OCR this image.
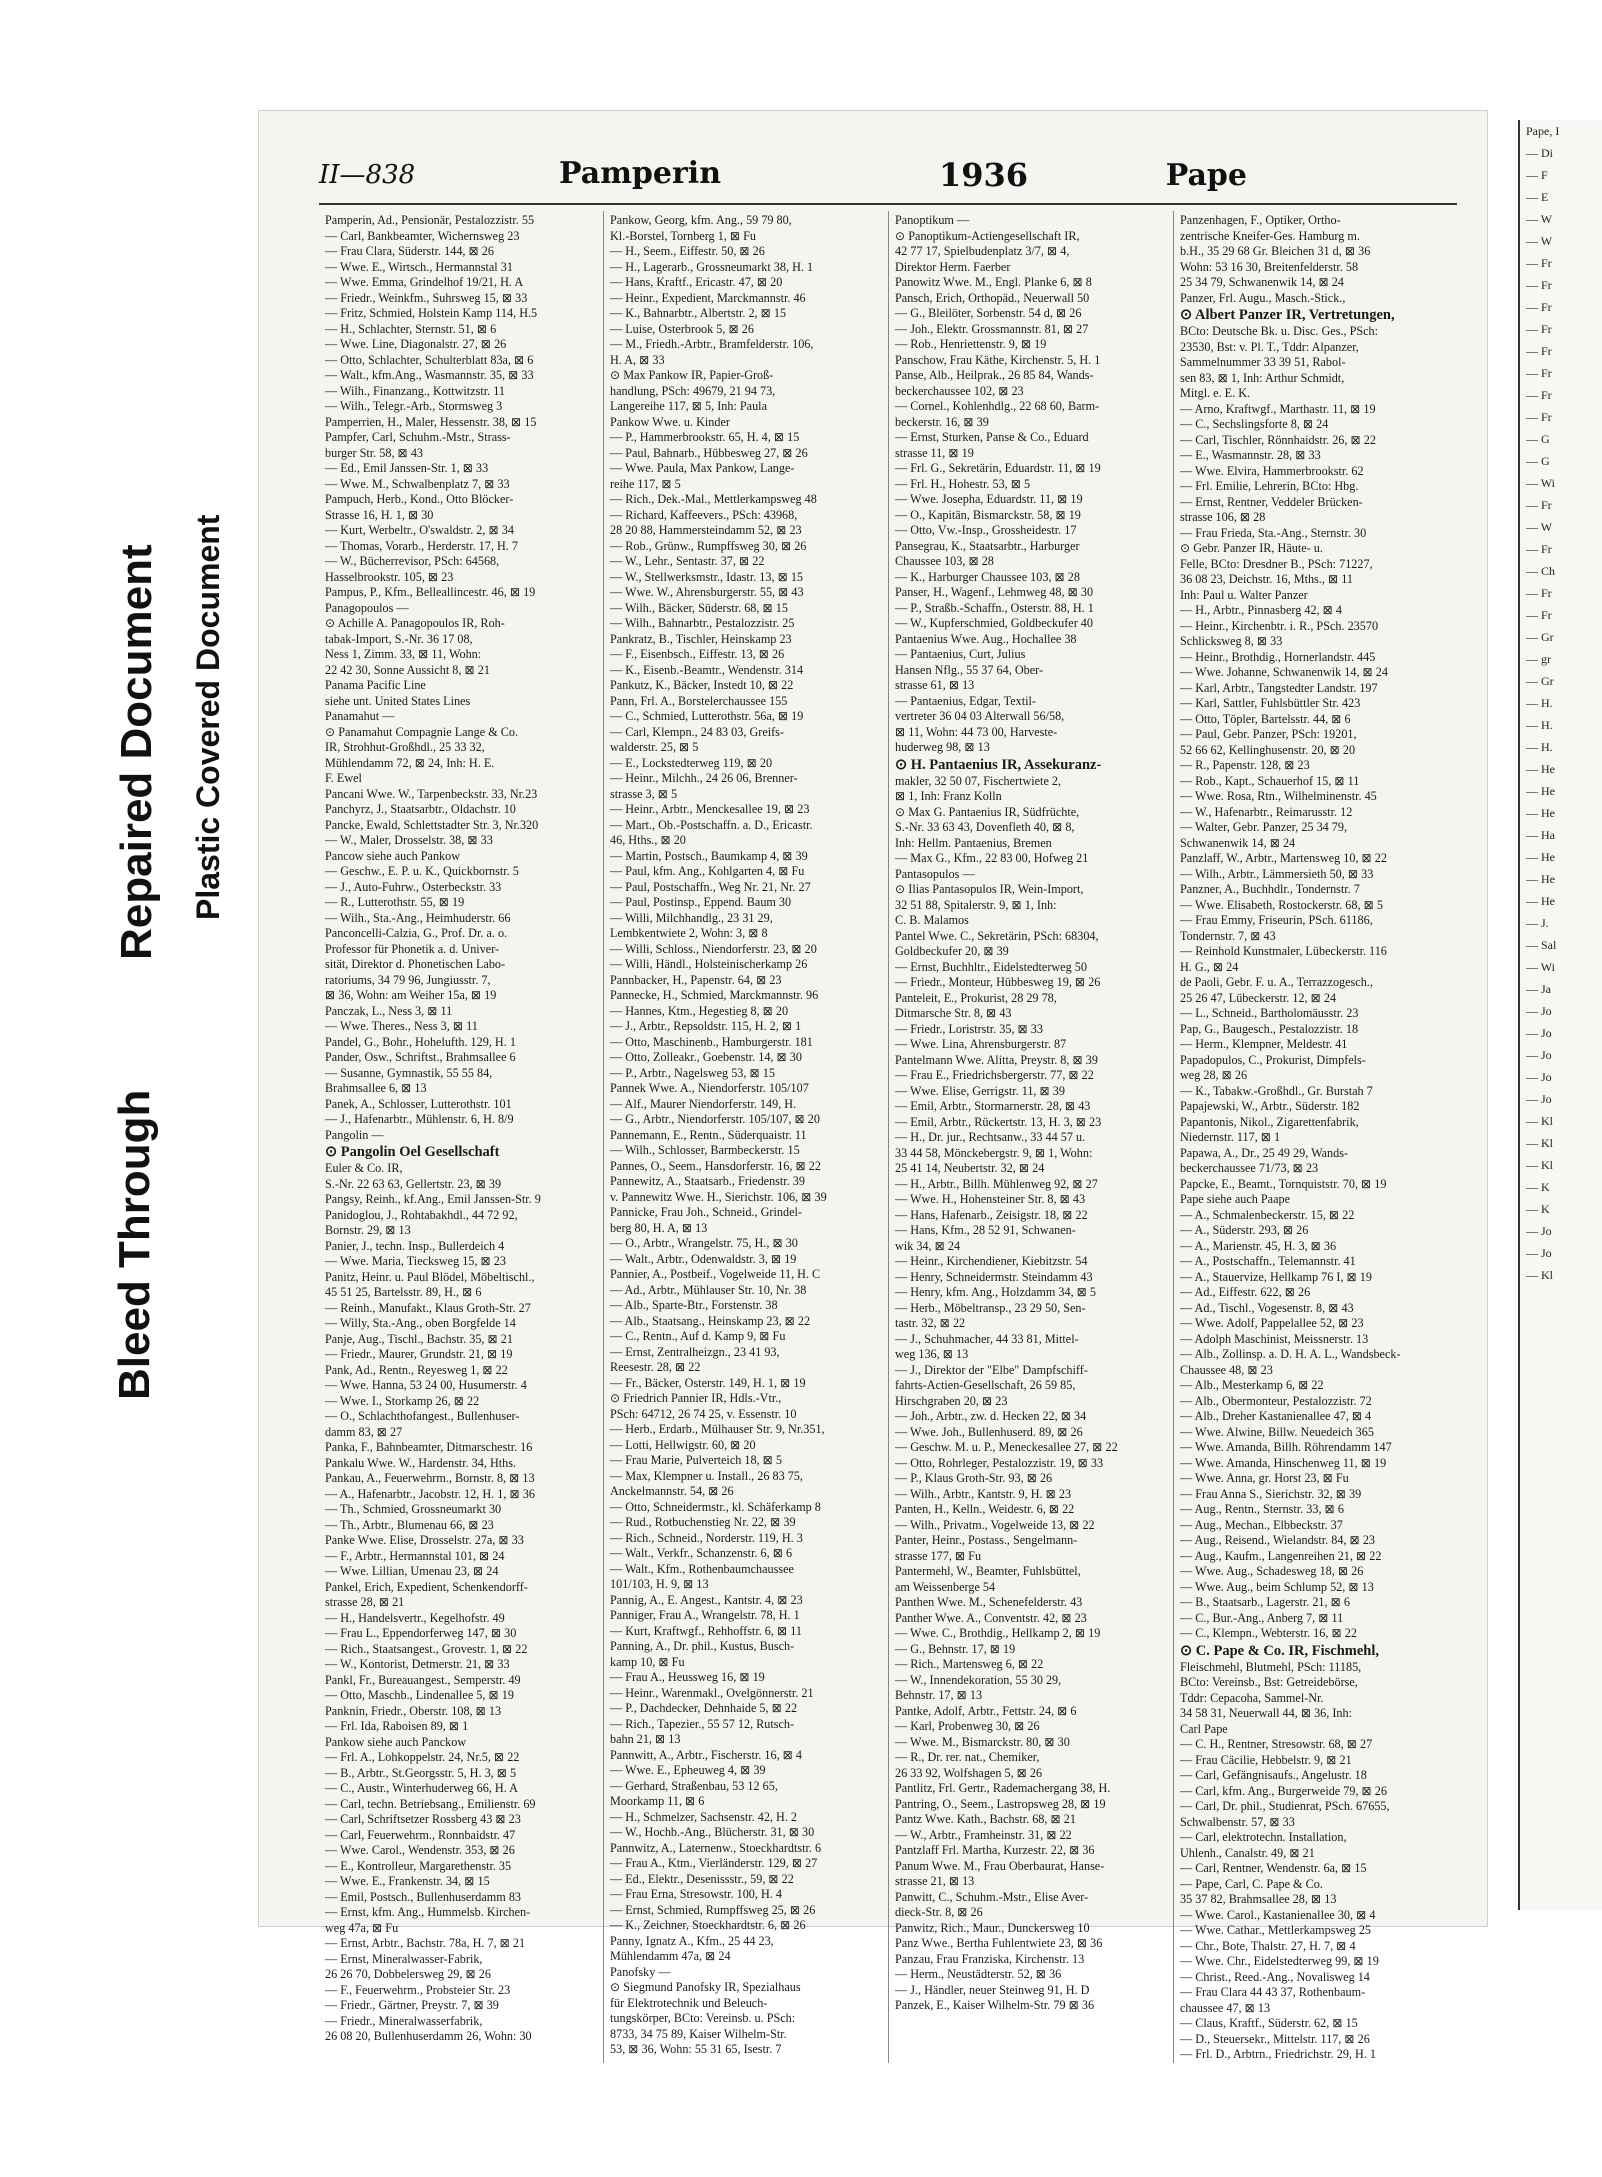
Bleed Through
Repaired Document Plastic Covered Document
II—838	Pamperin	1936	Pape
Pamperin, Ad., Pensionär, Pestalozzistr. 55
— Carl, Bankbeamter, Wichernsweg 23
— Frau Clara, Süderstr. 144, ⊠ 26
— Wwe. E., Wirtsch., Hermannstal 31
— Wwe. Emma, Grindelhof 19/21, H. A
— Friedr., Weinkfm., Suhrsweg 15, ⊠ 33
— Fritz, Schmied, Holstein Kamp 114, H.5
— H., Schlachter, Sternstr. 51, ⊠ 6
— Wwe. Line, Diagonalstr. 27, ⊠ 26
— Otto, Schlachter, Schulterblatt 83a, ⊠ 6
— Walt., kfm.Ang., Wasmannstr. 35, ⊠ 33
— Wilh., Finanzang., Kottwitzstr. 11
— Wilh., Telegr.-Arb., Stormsweg 3
Pamperrien, H., Maler, Hessenstr. 38, ⊠ 15
Pampfer, Carl, Schuhm.-Mstr., Strass-
burger Str. 58, ⊠ 43
— Ed., Emil Janssen-Str. 1, ⊠ 33
— Wwe. M., Schwalbenplatz 7, ⊠ 33
Pampuch, Herb., Kond., Otto Blöcker-
Strasse 16, H. 1, ⊠ 30
— Kurt, Werbeltr., O'swaldstr. 2, ⊠ 34
— Thomas, Vorarb., Herderstr. 17, H. 7
— W., Bücherrevisor, PSch: 64568,
Hasselbrookstr. 105, ⊠ 23
Pampus, P., Kfm., Belleallincestr. 46, ⊠ 19
Panagopoulos —
⊙ Achille A. Panagopoulos IR, Roh-
tabak-Import, S.-Nr. 36 17 08,
Ness 1, Zimm. 33, ⊠ 11, Wohn:
22 42 30, Sonne Aussicht 8, ⊠ 21
Panama Pacific Line
siehe unt. United States Lines
Panamahut —
⊙ Panamahut Compagnie Lange & Co.
IR, Strohhut-Großhdl., 25 33 32,
Mühlendamm 72, ⊠ 24, Inh: H. E.
F. Ewel
Pancani Wwe. W., Tarpenbeckstr. 33, Nr.23
Panchyrz, J., Staatsarbtr., Oldachstr. 10
Pancke, Ewald, Schlettstadter Str. 3, Nr.320
— W., Maler, Drosselstr. 38, ⊠ 33
Pancow siehe auch Pankow
— Geschw., E. P. u. K., Quickbornstr. 5
— J., Auto-Fuhrw., Osterbeckstr. 33
— R., Lutterothstr. 55, ⊠ 19
— Wilh., Sta.-Ang., Heimhuderstr. 66
Panconcelli-Calzia, G., Prof. Dr. a. o.
Professor für Phonetik a. d. Univer-
sität, Direktor d. Phonetischen Labo-
ratoriums, 34 79 96, Jungiusstr. 7,
⊠ 36, Wohn: am Weiher 15a, ⊠ 19
Panczak, L., Ness 3, ⊠ 11
— Wwe. Theres., Ness 3, ⊠ 11
Pandel, G., Bohr., Hohelufth. 129, H. 1
Pander, Osw., Schriftst., Brahmsallee 6
— Susanne, Gymnastik, 55 55 84,
Brahmsallee 6, ⊠ 13
Panek, A., Schlosser, Lutterothstr. 101
— J., Hafenarbtr., Mühlenstr. 6, H. 8/9
Pangolin —
⊙ Pangolin Oel Gesellschaft
Euler & Co. IR,
S.-Nr. 22 63 63, Gellertstr. 23, ⊠ 39
Pangsy, Reinh., kf.Ang., Emil Janssen-Str. 9
Panidoglou, J., Rohtabakhdl., 44 72 92,
Bornstr. 29, ⊠ 13
Panier, J., techn. Insp., Bullerdeich 4
— Wwe. Maria, Tiecksweg 15, ⊠ 23
Panitz, Heinr. u. Paul Blödel, Möbeltischl.,
45 51 25, Bartelsstr. 89, H., ⊠ 6
— Reinh., Manufakt., Klaus Groth-Str. 27
— Willy, Sta.-Ang., oben Borgfelde 14
Panje, Aug., Tischl., Bachstr. 35, ⊠ 21
— Friedr., Maurer, Grundstr. 21, ⊠ 19
Pank, Ad., Rentn., Reyesweg 1, ⊠ 22
— Wwe. Hanna, 53 24 00, Husumerstr. 4
— Wwe. I., Storkamp 26, ⊠ 22
— O., Schlachthofangest., Bullenhuser-
damm 83, ⊠ 27
Panka, F., Bahnbeamter, Ditmarschestr. 16
Pankalu Wwe. W., Hardenstr. 34, Hths.
Pankau, A., Feuerwehrm., Bornstr. 8, ⊠ 13
— A., Hafenarbtr., Jacobstr. 12, H. 1, ⊠ 36
— Th., Schmied, Grossneumarkt 30
— Th., Arbtr., Blumenau 66, ⊠ 23
Panke Wwe. Elise, Drosselstr. 27a, ⊠ 33
— F., Arbtr., Hermannstal 101, ⊠ 24
— Wwe. Lillian, Umenau 23, ⊠ 24
Pankel, Erich, Expedient, Schenkendorff-
strasse 28, ⊠ 21
— H., Handelsvertr., Kegelhofstr. 49
— Frau L., Eppendorferweg 147, ⊠ 30
— Rich., Staatsangest., Grovestr. 1, ⊠ 22
— W., Kontorist, Detmerstr. 21, ⊠ 33
Pankl, Fr., Bureauangest., Semperstr. 49
— Otto, Maschb., Lindenallee 5, ⊠ 19
Panknin, Friedr., Oberstr. 108, ⊠ 13
— Frl. Ida, Raboisen 89, ⊠ 1
Pankow siehe auch Panckow
— Frl. A., Lohkoppelstr. 24, Nr.5, ⊠ 22
— B., Arbtr., St.Georgsstr. 5, H. 3, ⊠ 5
— C., Austr., Winterhuderweg 66, H. A
— Carl, techn. Betriebsang., Emilienstr. 69
— Carl, Schriftsetzer Rossberg 43 ⊠ 23
— Carl, Feuerwehrm., Ronnbaidstr. 47
— Wwe. Carol., Wendenstr. 353, ⊠ 26
— E., Kontrolleur, Margarethenstr. 35
— Wwe. E., Frankenstr. 34, ⊠ 15
— Emil, Postsch., Bullenhuserdamm 83
— Ernst, kfm. Ang., Hummelsb. Kirchen-
weg 47a, ⊠ Fu
— Ernst, Arbtr., Bachstr. 78a, H. 7, ⊠ 21
— Ernst, Mineralwasser-Fabrik,
26 26 70, Dobbelersweg 29, ⊠ 26
— F., Feuerwehrm., Probsteier Str. 23
— Friedr., Gärtner, Preystr. 7, ⊠ 39
— Friedr., Mineralwasserfabrik,
26 08 20, Bullenhuserdamm 26, Wohn: 30
Pankow, Georg, kfm. Ang., 59 79 80,
Kl.-Borstel, Tornberg 1, ⊠ Fu
— H., Seem., Eiffestr. 50, ⊠ 26
— H., Lagerarb., Grossneumarkt 38, H. 1
— Hans, Kraftf., Ericastr. 47, ⊠ 20
— Heinr., Expedient, Marckmannstr. 46
— K., Bahnarbtr., Albertstr. 2, ⊠ 15
— Luise, Osterbrook 5, ⊠ 26
— M., Friedh.-Arbtr., Bramfelderstr. 106,
H. A, ⊠ 33
⊙ Max Pankow IR, Papier-Groß-
handlung, PSch: 49679, 21 94 73,
Langereihe 117, ⊠ 5, Inh: Paula
Pankow Wwe. u. Kinder
— P., Hammerbrookstr. 65, H. 4, ⊠ 15
— Paul, Bahnarb., Hübbesweg 27, ⊠ 26
— Wwe. Paula, Max Pankow, Lange-
reihe 117, ⊠ 5
— Rich., Dek.-Mal., Mettlerkampsweg 48
— Richard, Kaffeevers., PSch: 43968,
28 20 88, Hammersteindamm 52, ⊠ 23
— Rob., Grünw., Rumpffsweg 30, ⊠ 26
— W., Lehr., Sentastr. 37, ⊠ 22
— W., Stellwerksmstr., Idastr. 13, ⊠ 15
— Wwe. W., Ahrensburgerstr. 55, ⊠ 43
— Wilh., Bäcker, Süderstr. 68, ⊠ 15
— Wilh., Bahnarbtr., Pestalozzistr. 25
Pankratz, B., Tischler, Heinskamp 23
— F., Eisenbsch., Eiffestr. 13, ⊠ 26
— K., Eisenb.-Beamtr., Wendenstr. 314
Pankutz, K., Bäcker, Instedt 10, ⊠ 22
Pann, Frl. A., Borstelerchaussee 155
— C., Schmied, Lutterothstr. 56a, ⊠ 19
— Carl, Klempn., 24 83 03, Greifs-
walderstr. 25, ⊠ 5
— E., Lockstedterweg 119, ⊠ 20
— Heinr., Milchh., 24 26 06, Brenner-
strasse 3, ⊠ 5
— Heinr., Arbtr., Menckesallee 19, ⊠ 23
— Mart., Ob.-Postschaffn. a. D., Ericastr.
46, Hths., ⊠ 20
— Martin, Postsch., Baumkamp 4, ⊠ 39
— Paul, kfm. Ang., Kohlgarten 4, ⊠ Fu
— Paul, Postschaffn., Weg Nr. 21, Nr. 27
— Paul, Postinsp., Eppend. Baum 30
— Willi, Milchhandlg., 23 31 29,
Lembkentwiete 2, Wohn: 3, ⊠ 8
— Willi, Schloss., Niendorferstr. 23, ⊠ 20
— Willi, Händl., Holsteinischerkamp 26
Pannbacker, H., Papenstr. 64, ⊠ 23
Pannecke, H., Schmied, Marckmannstr. 96
— Hannes, Ktm., Hegestieg 8, ⊠ 20
— J., Arbtr., Repsoldstr. 115, H. 2, ⊠ 1
— Otto, Maschinenb., Hamburgerstr. 181
— Otto, Zolleakr., Goebenstr. 14, ⊠ 30
— P., Arbtr., Nagelsweg 53, ⊠ 15
Pannek Wwe. A., Niendorferstr. 105/107
— Alf., Maurer Niendorferstr. 149, H.
— G., Arbtr., Niendorferstr. 105/107, ⊠ 20
Pannemann, E., Rentn., Süderquaistr. 11
— Wilh., Schlosser, Barmbeckerstr. 15
Pannes, O., Seem., Hansdorferstr. 16, ⊠ 22
Pannewitz, A., Staatsarb., Friedenstr. 39
v. Pannewitz Wwe. H., Sierichstr. 106, ⊠ 39
Pannicke, Frau Joh., Schneid., Grindel-
berg 80, H. A, ⊠ 13
— O., Arbtr., Wrangelstr. 75, H., ⊠ 30
— Walt., Arbtr., Odenwaldstr. 3, ⊠ 19
Pannier, A., Postbeif., Vogelweide 11, H. C
— Ad., Arbtr., Mühlauser Str. 10, Nr. 38
— Alb., Sparte-Btr., Forstenstr. 38
— Alb., Staatsang., Heinskamp 23, ⊠ 22
— C., Rentn., Auf d. Kamp 9, ⊠ Fu
— Ernst, Zentralheizgn., 23 41 93,
Reesestr. 28, ⊠ 22
— Fr., Bäcker, Osterstr. 149, H. 1, ⊠ 19
⊙ Friedrich Pannier IR, Hdls.-Vtr.,
PSch: 64712, 26 74 25, v. Essenstr. 10
— Herb., Erdarb., Mülhauser Str. 9, Nr.351,
— Lotti, Hellwigstr. 60, ⊠ 20
— Frau Marie, Pulverteich 18, ⊠ 5
— Max, Klempner u. Install., 26 83 75,
Anckelmannstr. 54, ⊠ 26
— Otto, Schneidermstr., kl. Schäferkamp 8
— Rud., Rotbuchenstieg Nr. 22, ⊠ 39
— Rich., Schneid., Norderstr. 119, H. 3
— Walt., Verkfr., Schanzenstr. 6, ⊠ 6
— Walt., Kfm., Rothenbaumchaussee
101/103, H. 9, ⊠ 13
Pannig, A., E. Angest., Kantstr. 4, ⊠ 23
Panniger, Frau A., Wrangelstr. 78, H. 1
— Kurt, Kraftwgf., Rehhoffstr. 6, ⊠ 11
Panning, A., Dr. phil., Kustus, Busch-
kamp 10, ⊠ Fu
— Frau A., Heussweg 16, ⊠ 19
— Heinr., Warenmakl., Ovelgönnerstr. 21
— P., Dachdecker, Dehnhaide 5, ⊠ 22
— Rich., Tapezier., 55 57 12, Rutsch-
bahn 21, ⊠ 13
Pannwitt, A., Arbtr., Fischerstr. 16, ⊠ 4
— Wwe. E., Epheuweg 4, ⊠ 39
— Gerhard, Straßenbau, 53 12 65,
Moorkamp 11, ⊠ 6
— H., Schmelzer, Sachsenstr. 42, H. 2
— W., Hochb.-Ang., Blücherstr. 31, ⊠ 30
Pannwitz, A., Laternenw., Stoeckhardtstr. 6
— Frau A., Ktm., Vierländerstr. 129, ⊠ 27
— Ed., Elektr., Desenissstr., 59, ⊠ 22
— Frau Erna, Stresowstr. 100, H. 4
— Ernst, Schmied, Rumpffsweg 25, ⊠ 26
— K., Zeichner, Stoeckhardtstr. 6, ⊠ 26
Panny, Ignatz A., Kfm., 25 44 23,
Mühlendamm 47a, ⊠ 24
Panofsky —
⊙ Siegmund Panofsky IR, Spezialhaus
für Elektrotechnik und Beleuch-
tungskörper, BCto: Vereinsb. u. PSch:
8733, 34 75 89, Kaiser Wilhelm-Str.
53, ⊠ 36, Wohn: 55 31 65, Isestr. 7
Panoptikum —
⊙ Panoptikum-Actiengesellschaft IR,
42 77 17, Spielbudenplatz 3/7, ⊠ 4,
Direktor Herm. Faerber
Panowitz Wwe. M., Engl. Planke 6, ⊠ 8
Pansch, Erich, Orthopäd., Neuerwall 50
— G., Bleilöter, Sorbenstr. 54 d, ⊠ 26
— Joh., Elektr. Grossmannstr. 81, ⊠ 27
— Rob., Henriettenstr. 9, ⊠ 19
Panschow, Frau Käthe, Kirchenstr. 5, H. 1
Panse, Alb., Heilprak., 26 85 84, Wands-
beckerchaussee 102, ⊠ 23
— Cornel., Kohlenhdlg., 22 68 60, Barm-
beckerstr. 16, ⊠ 39
— Ernst, Sturken, Panse & Co., Eduard
strasse 11, ⊠ 19
— Frl. G., Sekretärin, Eduardstr. 11, ⊠ 19
— Frl. H., Hohestr. 53, ⊠ 5
— Wwe. Josepha, Eduardstr. 11, ⊠ 19
— O., Kapitän, Bismarckstr. 58, ⊠ 19
— Otto, Vw.-Insp., Grossheidestr. 17
Pansegrau, K., Staatsarbtr., Harburger
Chaussee 103, ⊠ 28
— K., Harburger Chaussee 103, ⊠ 28
Panser, H., Wagenf., Lehmweg 48, ⊠ 30
— P., Straßb.-Schaffn., Osterstr. 88, H. 1
— W., Kupferschmied, Goldbeckufer 40
Pantaenius Wwe. Aug., Hochallee 38
— Pantaenius, Curt, Julius
Hansen Nflg., 55 37 64, Ober-
strasse 61, ⊠ 13
— Pantaenius, Edgar, Textil-
vertreter 36 04 03 Alterwall 56/58,
⊠ 11, Wohn: 44 73 00, Harveste-
huderweg 98, ⊠ 13
⊙ H. Pantaenius IR, Assekuranz-
makler, 32 50 07, Fischertwiete 2,
⊠ 1, Inh: Franz Kolln
⊙ Max G. Pantaenius IR, Südfrüchte,
S.-Nr. 33 63 43, Dovenfleth 40, ⊠ 8,
Inh: Hellm. Pantaenius, Bremen
— Max G., Kfm., 22 83 00, Hofweg 21
Pantasopulos —
⊙ Ilias Pantasopulos IR, Wein-Import,
32 51 88, Spitalerstr. 9, ⊠ 1, Inh:
C. B. Malamos
Pantel Wwe. C., Sekretärin, PSch: 68304,
Goldbeckufer 20, ⊠ 39
— Ernst, Buchhltr., Eidelstedterweg 50
— Friedr., Monteur, Hübbesweg 19, ⊠ 26
Panteleit, E., Prokurist, 28 29 78,
Ditmarsche Str. 8, ⊠ 43
— Friedr., Loristrstr. 35, ⊠ 33
— Wwe. Lina, Ahrensburgerstr. 87
Pantelmann Wwe. Alitta, Preystr. 8, ⊠ 39
— Frau E., Friedrichsbergerstr. 77, ⊠ 22
— Wwe. Elise, Gerrigstr. 11, ⊠ 39
— Emil, Arbtr., Stormarnerstr. 28, ⊠ 43
— Emil, Arbtr., Rückertstr. 13, H. 3, ⊠ 23
— H., Dr. jur., Rechtsanw., 33 44 57 u.
33 44 58, Mönckebergstr. 9, ⊠ 1, Wohn:
25 41 14, Neubertstr. 32, ⊠ 24
— H., Arbtr., Billh. Mühlenweg 92, ⊠ 27
— Wwe. H., Hohensteiner Str. 8, ⊠ 43
— Hans, Hafenarb., Zeisigstr. 18, ⊠ 22
— Hans, Kfm., 28 52 91, Schwanen-
wik 34, ⊠ 24
— Heinr., Kirchendiener, Kiebitzstr. 54
— Henry, Schneidermstr. Steindamm 43
— Henry, kfm. Ang., Holzdamm 34, ⊠ 5
— Herb., Möbeltransp., 23 29 50, Sen-
tastr. 32, ⊠ 22
— J., Schuhmacher, 44 33 81, Mittel-
weg 136, ⊠ 13
— J., Direktor der "Elbe" Dampfschiff-
fahrts-Actien-Gesellschaft, 26 59 85,
Hirschgraben 20, ⊠ 23
— Joh., Arbtr., zw. d. Hecken 22, ⊠ 34
— Wwe. Joh., Bullenhuserd. 89, ⊠ 26
— Geschw. M. u. P., Meneckesallee 27, ⊠ 22
— Otto, Rohrleger, Pestalozzistr. 19, ⊠ 33
— P., Klaus Groth-Str. 93, ⊠ 26
— Wilh., Arbtr., Kantstr. 9, H. ⊠ 23
Panten, H., Kelln., Weidestr. 6, ⊠ 22
— Wilh., Privatm., Vogelweide 13, ⊠ 22
Panter, Heinr., Postass., Sengelmann-
strasse 177, ⊠ Fu
Pantermehl, W., Beamter, Fuhlsbüttel,
am Weissenberge 54
Panthen Wwe. M., Schenefelderstr. 43
Panther Wwe. A., Conventstr. 42, ⊠ 23
— Wwe. C., Brothdig., Hellkamp 2, ⊠ 19
— G., Behnstr. 17, ⊠ 19
— Rich., Martensweg 6, ⊠ 22
— W., Innendekoration, 55 30 29,
Behnstr. 17, ⊠ 13
Pantke, Adolf, Arbtr., Fettstr. 24, ⊠ 6
— Karl, Probenweg 30, ⊠ 26
— Wwe. M., Bismarckstr. 80, ⊠ 30
— R., Dr. rer. nat., Chemiker,
26 33 92, Wolfshagen 5, ⊠ 26
Pantlitz, Frl. Gertr., Rademachergang 38, H.
Pantring, O., Seem., Lastropsweg 28, ⊠ 19
Pantz Wwe. Kath., Bachstr. 68, ⊠ 21
— W., Arbtr., Framheinstr. 31, ⊠ 22
Pantzlaff Frl. Martha, Kurzestr. 22, ⊠ 36
Panum Wwe. M., Frau Oberbaurat, Hanse-
strasse 21, ⊠ 13
Panwitt, C., Schuhm.-Mstr., Elise Aver-
dieck-Str. 8, ⊠ 26
Panwitz, Rich., Maur., Dunckersweg 10
Panz Wwe., Bertha Fuhlentwiete 23, ⊠ 36
Panzau, Frau Franziska, Kirchenstr. 13
— Herm., Neustädterstr. 52, ⊠ 36
— J., Händler, neuer Steinweg 91, H. D
Panzek, E., Kaiser Wilhelm-Str. 79 ⊠ 36
Panzenhagen, F., Optiker, Ortho-
zentrische Kneifer-Ges. Hamburg m.
b.H., 35 29 68 Gr. Bleichen 31 d, ⊠ 36
Wohn: 53 16 30, Breitenfelderstr. 58
25 34 79, Schwanenwik 14, ⊠ 24
Panzer, Frl. Augu., Masch.-Stick.,
⊙ Albert Panzer IR, Vertretungen,
BCto: Deutsche Bk. u. Disc. Ges., PSch:
23530, Bst: v. Pl. T., Tddr: Alpanzer,
Sammelnummer 33 39 51, Rabol-
sen 83, ⊠ 1, Inh: Arthur Schmidt,
Mitgl. e. E. K.
— Arno, Kraftwgf., Marthastr. 11, ⊠ 19
— C., Sechslingsforte 8, ⊠ 24
— Carl, Tischler, Rönnhaidstr. 26, ⊠ 22
— E., Wasmannstr. 28, ⊠ 33
— Wwe. Elvira, Hammerbrookstr. 62
— Frl. Emilie, Lehrerin, BCto: Hbg.
— Ernst, Rentner, Veddeler Brücken-
strasse 106, ⊠ 28
— Frau Frieda, Sta.-Ang., Sternstr. 30
⊙ Gebr. Panzer IR, Häute- u.
Felle, BCto: Dresdner B., PSch: 71227,
36 08 23, Deichstr. 16, Mths., ⊠ 11
Inh: Paul u. Walter Panzer
— H., Arbtr., Pinnasberg 42, ⊠ 4
— Heinr., Kirchenbtr. i. R., PSch. 23570
Schlicksweg 8, ⊠ 33
— Heinr., Brothdig., Hornerlandstr. 445
— Wwe. Johanne, Schwanenwik 14, ⊠ 24
— Karl, Arbtr., Tangstedter Landstr. 197
— Karl, Sattler, Fuhlsbüttler Str. 423
— Otto, Töpler, Bartelsstr. 44, ⊠ 6
— Paul, Gebr. Panzer, PSch: 19201,
52 66 62, Kellinghusenstr. 20, ⊠ 20
— R., Papenstr. 128, ⊠ 23
— Rob., Kapt., Schauerhof 15, ⊠ 11
— Wwe. Rosa, Rtn., Wilhelminenstr. 45
— W., Hafenarbtr., Reimarusstr. 12
— Walter, Gebr. Panzer, 25 34 79,
Schwanenwik 14, ⊠ 24
Panzlaff, W., Arbtr., Martensweg 10, ⊠ 22
— Wilh., Arbtr., Lämmersieth 50, ⊠ 33
Panzner, A., Buchhdlr., Tondernstr. 7
— Wwe. Elisabeth, Rostockerstr. 68, ⊠ 5
— Frau Emmy, Friseurin, PSch. 61186,
Tondernstr. 7, ⊠ 43
— Reinhold Kunstmaler, Lübeckerstr. 116
H. G., ⊠ 24
de Paoli, Gebr. F. u. A., Terrazzogesch.,
25 26 47, Lübeckerstr. 12, ⊠ 24
— L., Schneid., Bartholomäusstr. 23
Pap, G., Baugesch., Pestalozzistr. 18
— Herm., Klempner, Meldestr. 41
Papadopulos, C., Prokurist, Dimpfels-
weg 28, ⊠ 26
— K., Tabakw.-Großhdl., Gr. Burstah 7
Papajewski, W., Arbtr., Süderstr. 182
Papantonis, Nikol., Zigarettenfabrik,
Niedernstr. 117, ⊠ 1
Papawa, A., Dr., 25 49 29, Wands-
beckerchaussee 71/73, ⊠ 23
Papcke, E., Beamt., Tornquiststr. 70, ⊠ 19
Pape siehe auch Paape
— A., Schmalenbeckerstr. 15, ⊠ 22
— A., Süderstr. 293, ⊠ 26
— A., Marienstr. 45, H. 3, ⊠ 36
— A., Postschaffn., Telemannstr. 41
— A., Stauervize, Hellkamp 76 I, ⊠ 19
— Ad., Eiffestr. 622, ⊠ 26
— Ad., Tischl., Vogesenstr. 8, ⊠ 43
— Wwe. Adolf, Pappelallee 52, ⊠ 23
— Adolph Maschinist, Meissnerstr. 13
— Alb., Zollinsp. a. D. H. A. L., Wandsbeck-
Chaussee 48, ⊠ 23
— Alb., Mesterkamp 6, ⊠ 22
— Alb., Obermonteur, Pestalozzistr. 72
— Alb., Dreher Kastanienallee 47, ⊠ 4
— Wwe. Alwine, Billw. Neuedeich 365
— Wwe. Amanda, Billh. Röhrendamm 147
— Wwe. Amanda, Hinschenweg 11, ⊠ 19
— Wwe. Anna, gr. Horst 23, ⊠ Fu
— Frau Anna S., Sierichstr. 32, ⊠ 39
— Aug., Rentn., Sternstr. 33, ⊠ 6
— Aug., Mechan., Elbbeckstr. 37
— Aug., Reisend., Wielandstr. 84, ⊠ 23
— Aug., Kaufm., Langenreihen 21, ⊠ 22
— Wwe. Aug., Schadesweg 18, ⊠ 26
— Wwe. Aug., beim Schlump 52, ⊠ 13
— B., Staatsarb., Lagerstr. 21, ⊠ 6
— C., Bur.-Ang., Anberg 7, ⊠ 11
— C., Klempn., Webterstr. 16, ⊠ 22
⊙ C. Pape & Co. IR, Fischmehl,
Fleischmehl, Blutmehl, PSch: 11185,
BCto: Vereinsb., Bst: Getreidebörse,
Tddr: Cepacoha, Sammel-Nr.
34 58 31, Neuerwall 44, ⊠ 36, Inh:
Carl Pape
— C. H., Rentner, Stresowstr. 68, ⊠ 27
— Frau Cäcilie, Hebbelstr. 9, ⊠ 21
— Carl, Gefängnisaufs., Angelustr. 18
— Carl, kfm. Ang., Burgerweide 79, ⊠ 26
— Carl, Dr. phil., Studienrat, PSch. 67655,
Schwalbenstr. 57, ⊠ 33
— Carl, elektrotechn. Installation,
Uhlenh., Canalstr. 49, ⊠ 21
— Carl, Rentner, Wendenstr. 6a, ⊠ 15
— Pape, Carl, C. Pape & Co.
35 37 82, Brahmsallee 28, ⊠ 13
— Wwe. Carol., Kastanienallee 30, ⊠ 4
— Wwe. Cathar., Mettlerkampsweg 25
— Chr., Bote, Thalstr. 27, H. 7, ⊠ 4
— Wwe. Chr., Eidelstedterweg 99, ⊠ 19
— Christ., Reed.-Ang., Novalisweg 14
— Frau Clara 44 43 37, Rothenbaum-
chaussee 47, ⊠ 13
— Claus, Kraftf., Süderstr. 62, ⊠ 15
— D., Steuersekr., Mittelstr. 117, ⊠ 26
— Frl. D., Arbtrn., Friedrichstr. 29, H. 1
Pape, I
— Di
— F
— E
— W
— W
— Fr
— Fr
— Fr
— Fr
— Fr
— Fr
— Fr
— Fr
— G
— G
— Wi
— Fr
— W
— Fr
— Ch
— Fr
— Fr
— Gr
— gr
— Gr
— H.
— H.
— H.
— He
— He
— He
— Ha
— He
— He
— He
— J.
— Sal
— Wi
— Ja
— Jo
— Jo
— Jo
— Jo
— Jo
— Kl
— Kl
— Kl
— K
— K
— Jo
— Jo
— Kl
